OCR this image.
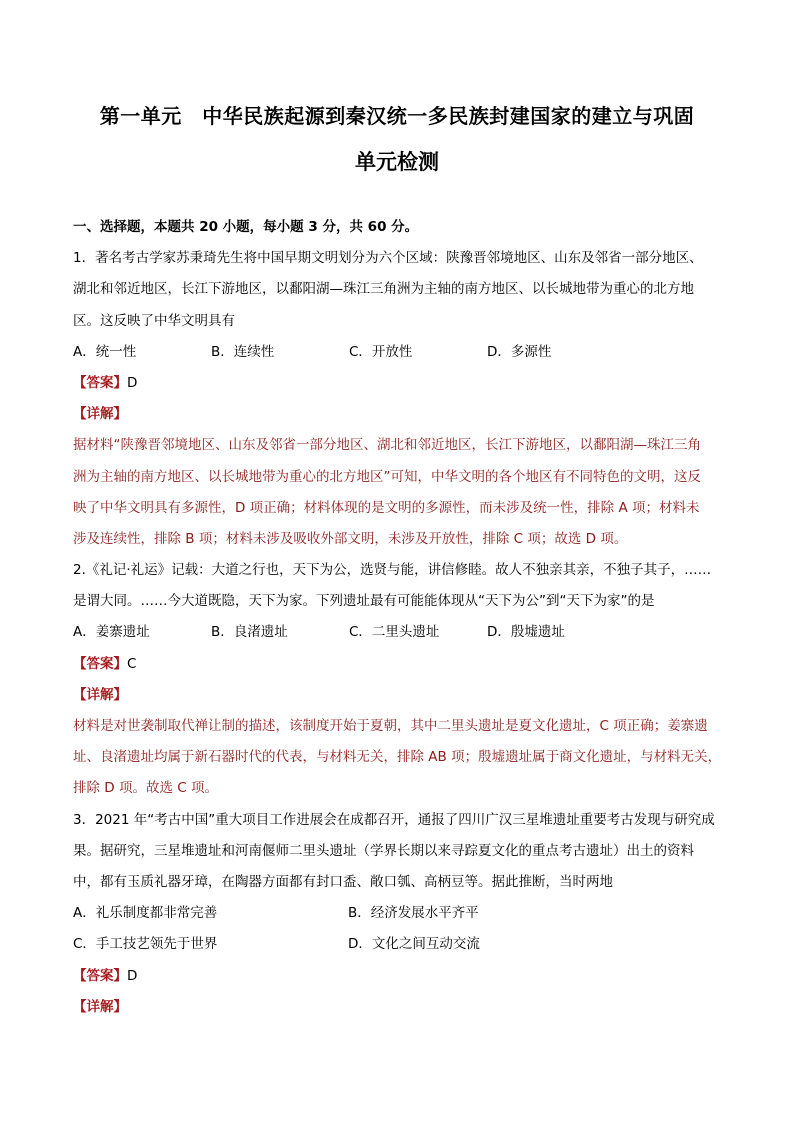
第一单元　中华民族起源到秦汉统一多民族封建国家的建立与巩固
单元检测
一、选择题，本题共 20 小题，每小题 3 分，共 60 分。
1．著名考古学家苏秉琦先生将中国早期文明划分为六个区域：陕豫晋邻境地区、山东及邻省一部分地区、
湖北和邻近地区，长江下游地区，以鄱阳湖—珠江三角洲为主轴的南方地区、以长城地带为重心的北方地
区。这反映了中华文明具有
A．统一性	B．连续性	C．开放性	D．多源性
【答案】D
【详解】
据材料“陕豫晋邻境地区、山东及邻省一部分地区、湖北和邻近地区，长江下游地区，以鄱阳湖—珠江三角
洲为主轴的南方地区、以长城地带为重心的北方地区”可知，中华文明的各个地区有不同特色的文明，这反
映了中华文明具有多源性，D 项正确；材料体现的是文明的多源性，而未涉及统一性，排除 A 项；材料未
涉及连续性，排除 B 项；材料未涉及吸收外部文明，未涉及开放性，排除 C 项；故选 D 项。
2.《礼记·礼运》记载：大道之行也，天下为公，选贤与能，讲信修睦。故人不独亲其亲，不独子其子，……
是谓大同。……今大道既隐，天下为家。下列遗址最有可能能体现从“天下为公”到“天下为家”的是
A．姜寨遗址	B．良渚遗址	C．二里头遗址	D．殷墟遗址
【答案】C
【详解】
材料是对世袭制取代禅让制的描述，该制度开始于夏朝，其中二里头遗址是夏文化遗址，C 项正确；姜寨遗
址、良渚遗址均属于新石器时代的代表，与材料无关，排除 AB 项；殷墟遗址属于商文化遗址，与材料无关，
排除 D 项。故选 C 项。
3．2021 年“考古中国”重大项目工作进展会在成都召开，通报了四川广汉三星堆遗址重要考古发现与研究成
果。据研究，三星堆遗址和河南偃师二里头遗址（学界长期以来寻踪夏文化的重点考古遗址）出土的资料
中，都有玉质礼器牙璋，在陶器方面都有封口盉、敞口瓠、高柄豆等。据此推断，当时两地
A．礼乐制度都非常完善	B．经济发展水平齐平
C．手工技艺领先于世界	D．文化之间互动交流
【答案】D
【详解】
